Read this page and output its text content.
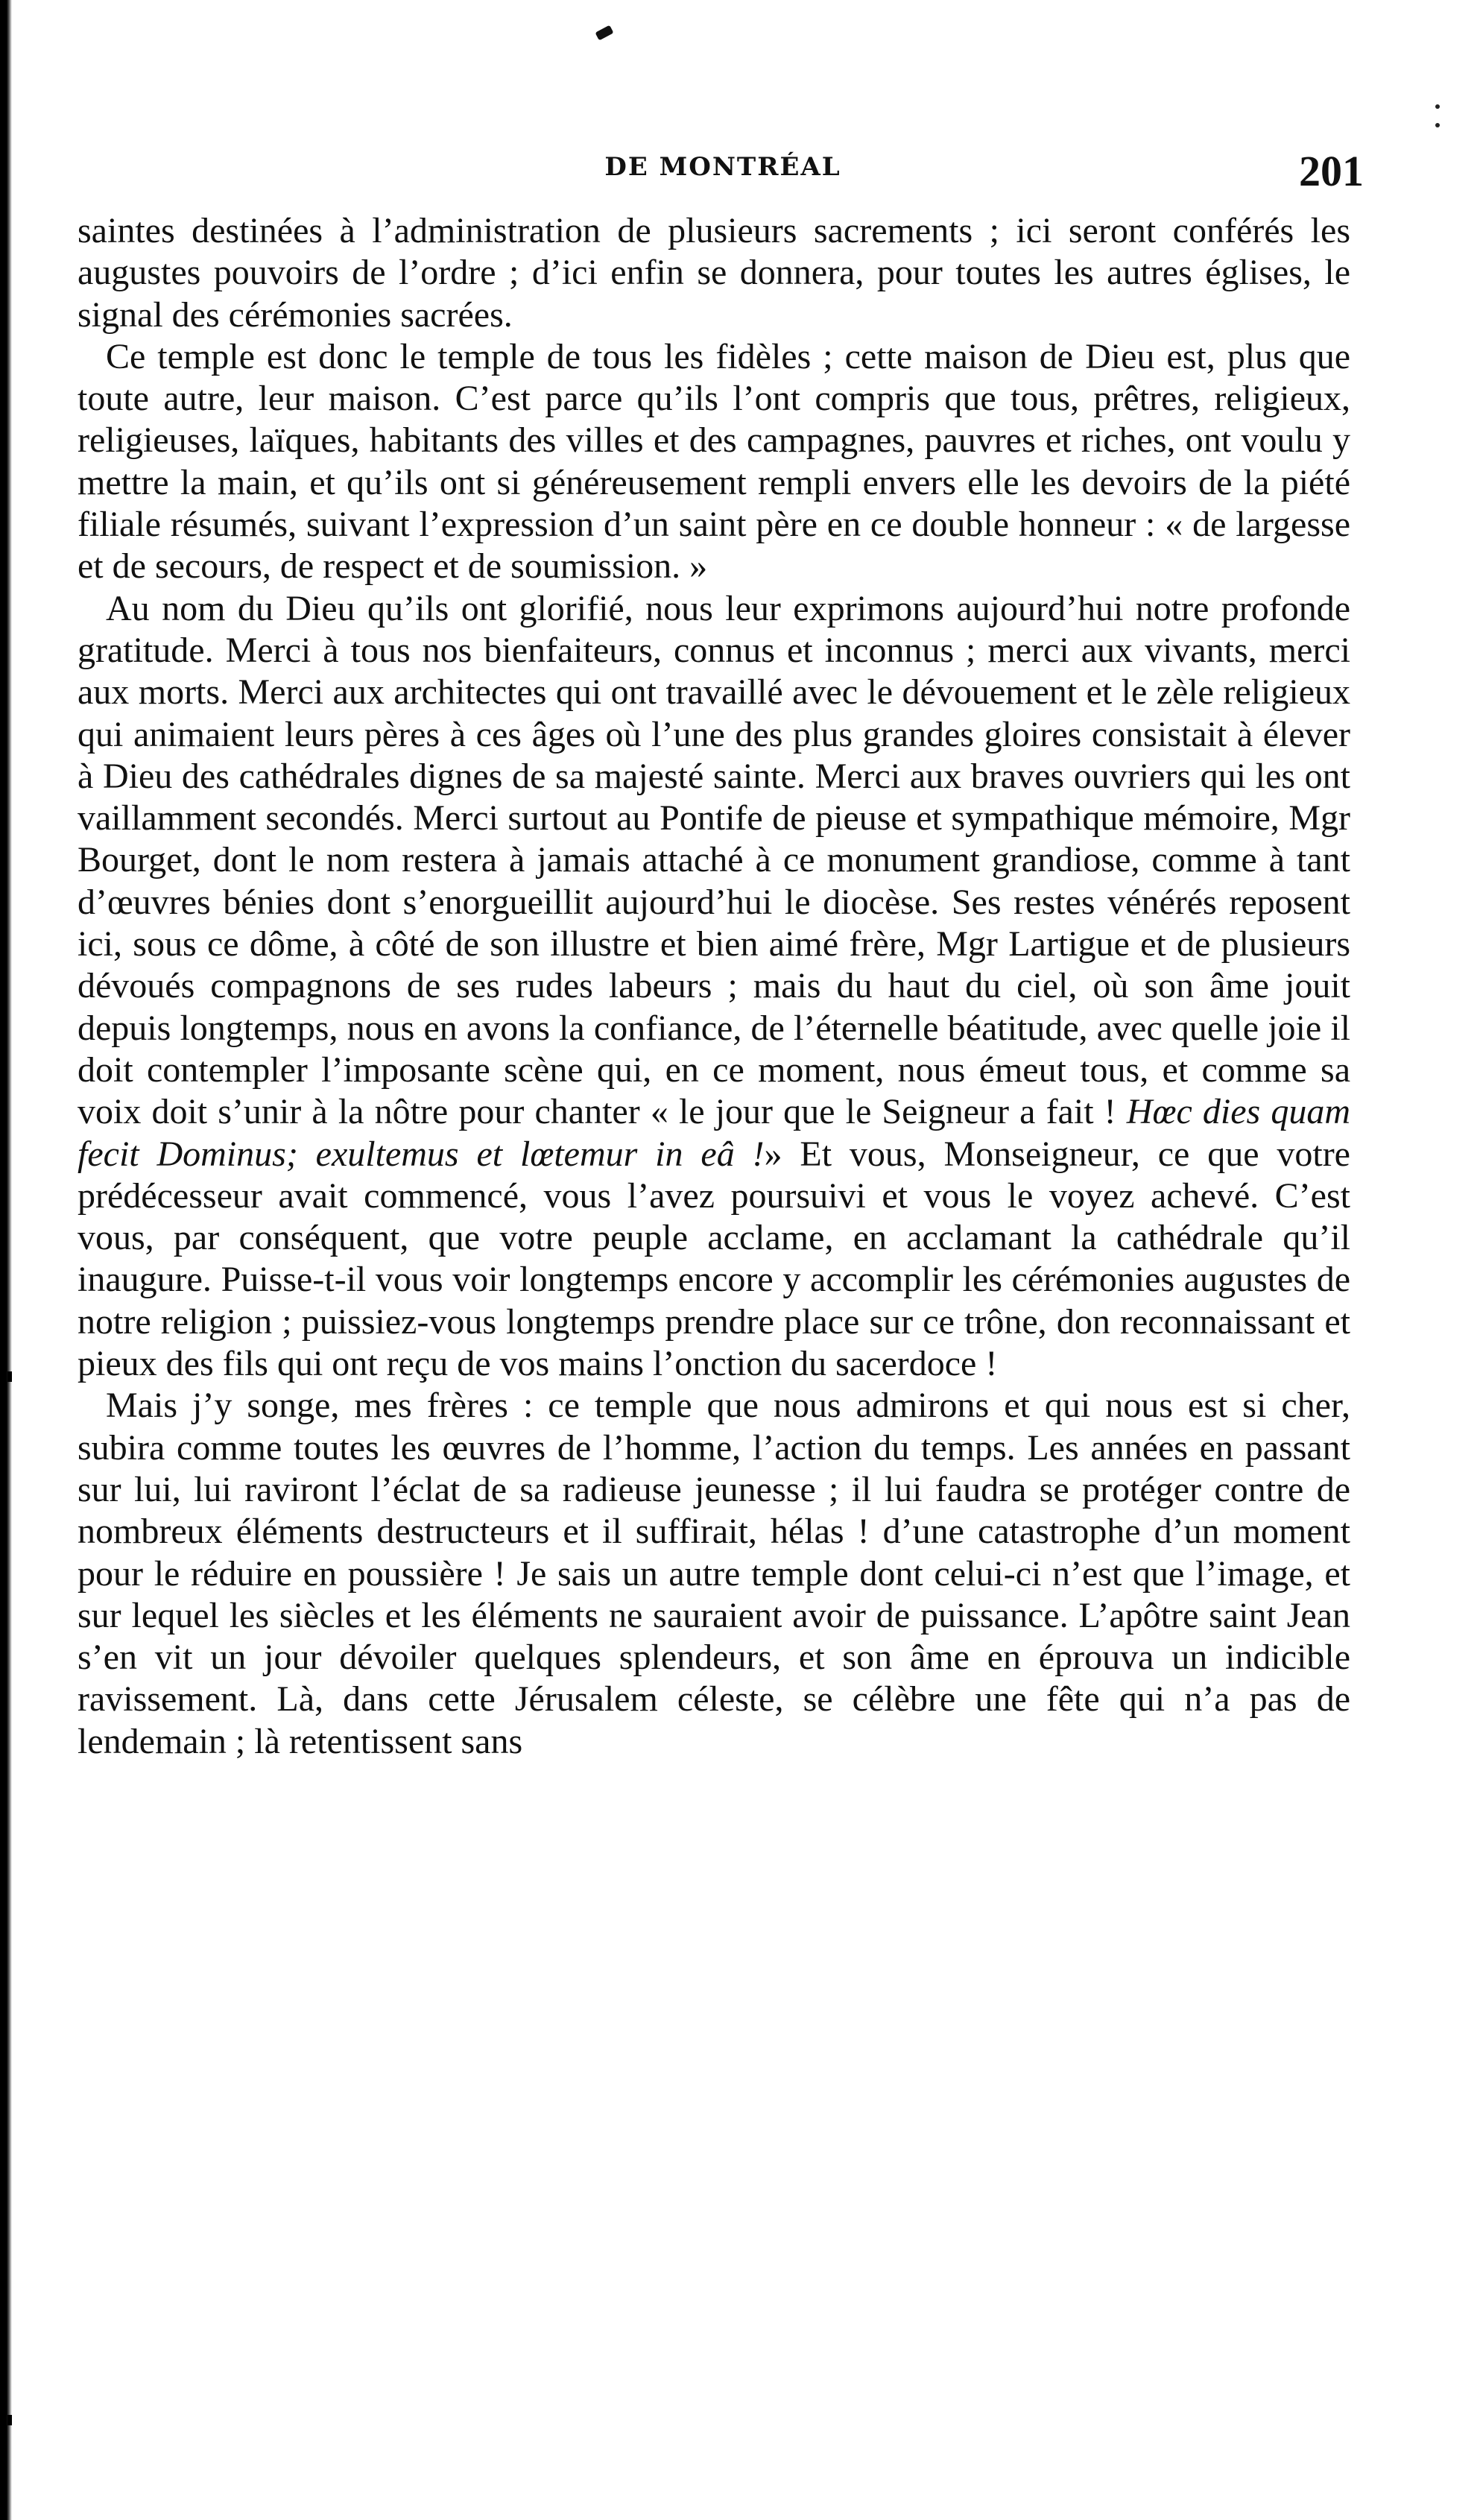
DE MONTRÉAL	201

saintes destinées à l’administration de plusieurs sacrements ; ici seront conférés les augustes pouvoirs de l’ordre ; d’ici enfin se donnera, pour toutes les autres églises, le signal des cérémonies sacrées.

Ce temple est donc le temple de tous les fidèles ; cette maison de Dieu est, plus que toute autre, leur maison. C’est parce qu’ils l’ont compris que tous, prêtres, religieux, religieuses, laïques, habitants des villes et des campagnes, pauvres et riches, ont voulu y mettre la main, et qu’ils ont si généreusement rempli envers elle les devoirs de la piété filiale résumés, suivant l’expression d’un saint père en ce double honneur : « de largesse et de secours, de respect et de soumission. »

Au nom du Dieu qu’ils ont glorifié, nous leur exprimons aujourd’hui notre profonde gratitude. Merci à tous nos bienfaiteurs, connus et inconnus ; merci aux vivants, merci aux morts. Merci aux architectes qui ont travaillé avec le dévouement et le zèle religieux qui animaient leurs pères à ces âges où l’une des plus grandes gloires consistait à élever à Dieu des cathédrales dignes de sa majesté sainte. Merci aux braves ouvriers qui les ont vaillamment secondés. Merci surtout au Pontife de pieuse et sympathique mémoire, Mgr Bourget, dont le nom restera à jamais attaché à ce monument grandiose, comme à tant d’œuvres bénies dont s’enorgueillit aujourd’hui le diocèse. Ses restes vénérés reposent ici, sous ce dôme, à côté de son illustre et bien aimé frère, Mgr Lartigue et de plusieurs dévoués compagnons de ses rudes labeurs ; mais du haut du ciel, où son âme jouit depuis longtemps, nous en avons la confiance, de l’éternelle béatitude, avec quelle joie il doit contempler l’imposante scène qui, en ce moment, nous émeut tous, et comme sa voix doit s’unir à la nôtre pour chanter « le jour que le Seigneur a fait ! Hœc dies quam fecit Dominus; exultemus et lœtemur in eâ !» Et vous, Monseigneur, ce que votre prédécesseur avait commencé, vous l’avez poursuivi et vous le voyez achevé. C’est vous, par conséquent, que votre peuple acclame, en acclamant la cathédrale qu’il inaugure. Puisse-t-il vous voir longtemps encore y accomplir les cérémonies augustes de notre religion ; puissiez-vous longtemps prendre place sur ce trône, don reconnaissant et pieux des fils qui ont reçu de vos mains l’onction du sacerdoce !

Mais j’y songe, mes frères : ce temple que nous admirons et qui nous est si cher, subira comme toutes les œuvres de l’homme, l’action du temps. Les années en passant sur lui, lui raviront l’éclat de sa radieuse jeunesse ; il lui faudra se protéger contre de nombreux éléments destructeurs et il suffirait, hélas ! d’une catastrophe d’un moment pour le réduire en poussière ! Je sais un autre temple dont celui-ci n’est que l’image, et sur lequel les siècles et les éléments ne sauraient avoir de puissance. L’apôtre saint Jean s’en vit un jour dévoiler quelques splendeurs, et son âme en éprouva un indicible ravissement. Là, dans cette Jérusalem céleste, se célèbre une fête qui n’a pas de lendemain ; là retentissent sans
